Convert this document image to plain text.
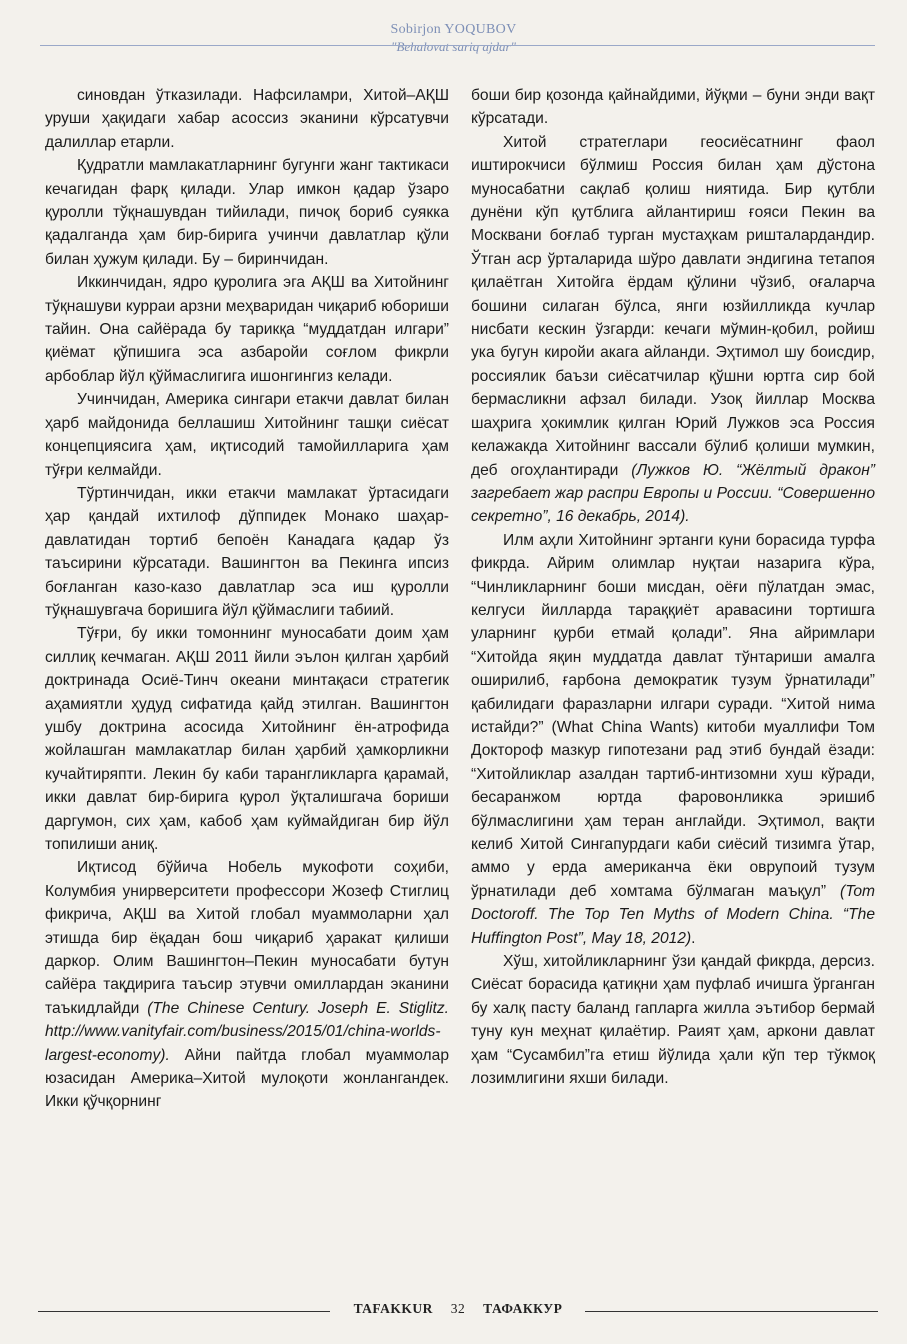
Sobirjon YOQUBOV
"Behalovat sariq ajdar"

синовдан ўтказилади. Нафсиламри, Хитой–АҚШ уруши ҳақидаги хабар асоссиз эканини кўрсатувчи далиллар етарли.

Қудратли мамлакатларнинг бугунги жанг тактикаси кечагидан фарқ қилади. Улар имкон қадар ўзаро қуролли тўқнашувдан тийилади, пичоқ бориб суякка қадалганда ҳам бир-бирига учинчи давлатлар қўли билан ҳужум қилади. Бу – биринчидан.

Иккинчидан, ядро қуролига эга АҚШ ва Хитойнинг тўқнашуви курраи арзни меҳваридан чиқариб юбориши тайин. Она сайёрада бу тарикқа “муддатдан илгари” қиёмат қўпишига эса азбаройи соғлом фикрли арбоблар йўл қўймаслигига ишонгингиз келади.

Учинчидан, Америка сингари етакчи давлат билан ҳарб майдонида беллашиш Хитойнинг ташқи сиёсат концепциясига ҳам, иқтисодий тамойилларига ҳам тўғри келмайди.

Тўртинчидан, икки етакчи мамлакат ўртасидаги ҳар қандай ихтилоф дўппидек Монако шаҳар-давлатидан тортиб бепоён Канадага қадар ўз таъсирини кўрсатади. Вашингтон ва Пекинга ипсиз боғланган казо-казо давлатлар эса иш қуролли тўқнашувгача боришига йўл қўймаслиги табиий.

Тўғри, бу икки томоннинг муносабати доим ҳам силлиқ кечмаган. АҚШ 2011 йили эълон қилган ҳарбий доктринада Осиё-Тинч океани минтақаси стратегик аҳамиятли ҳудуд сифатида қайд этилган. Вашингтон ушбу доктрина асосида Хитойнинг ён-атрофида жойлашган мамлакатлар билан ҳарбий ҳамкорликни кучайтиряпти. Лекин бу каби тарангликларга қарамай, икки давлат бир-бирига қурол ўқталишгача бориши даргумон, сих ҳам, кабоб ҳам куймайдиган бир йўл топилиши аниқ.

Иқтисод бўйича Нобель мукофоти соҳиби, Колумбия унирверситети профессори Жозеф Стиглиц фикрича, АҚШ ва Хитой глобал муаммоларни ҳал этишда бир ёқадан бош чиқариб ҳаракат қилиши даркор. Олим Вашингтон–Пекин муносабати бутун сайёра тақдирига таъсир этувчи омиллардан эканини таъкидлайди (The Chinese Century. Joseph E. Stiglitz. http://www.vanityfair.com/business/2015/01/china-worlds-largest-economy). Айни пайтда глобал муаммолар юзасидан Америка–Хитой мулоқоти жонлангандек. Икки қўчқорнинг

боши бир қозонда қайнайдими, йўқми – буни энди вақт кўрсатади.

Хитой стратеглари геосиёсатнинг фаол иштирокчиси бўлмиш Россия билан ҳам дўстона муносабатни сақлаб қолиш ниятида. Бир қутбли дунёни кўп қутблига айлантириш ғояси Пекин ва Москвани боғлаб турган мустаҳкам ришталардандир. Ўтган аср ўрталарида шўро давлати эндигина тетапоя қилаётган Хитойга ёрдам қўлини чўзиб, оғаларча бошини силаган бўлса, янги юзйилликда кучлар нисбати кескин ўзгарди: кечаги мўмин-қобил, ройиш ука бугун киройи акага айланди. Эҳтимол шу боисдир, россиялик баъзи сиёсатчилар қўшни юртга сир бой бермасликни афзал билади. Узоқ йиллар Москва шаҳрига ҳокимлик қилган Юрий Лужков эса Россия келажакда Хитойнинг вассали бўлиб қолиши мумкин, деб огоҳлантиради (Лужков Ю. “Жёлтый дракон” загребает жар распри Европы и России. “Совершенно секретно”, 16 декабрь, 2014).

Илм аҳли Хитойнинг эртанги куни борасида турфа фикрда. Айрим олимлар нуқтаи назарига кўра, “Чинликларнинг боши мисдан, оёғи пўлатдан эмас, келгуси йилларда тараққиёт аравасини тортишга уларнинг қурби етмай қолади”. Яна айримлари “Хитойда яқин муддатда давлат тўнтариши амалга оширилиб, ғарбона демократик тузум ўрнатилади” қабилидаги фаразларни илгари суради. “Хитой нима истайди?” (What China Wants) китоби муаллифи Том Доктороф мазкур гипотезани рад этиб бундай ёзади: “Хитойликлар азалдан тартиб-интизомни хуш кўради, бесаранжом юртда фаровонликка эришиб бўлмаслигини ҳам теран англайди. Эҳтимол, вақти келиб Хитой Сингапурдаги каби сиёсий тизимга ўтар, аммо у ерда американча ёки оврупоий тузум ўрнатилади деб хомтама бўлмаган маъқул” (Tom Doctoroff. The Top Ten Myths of Modern China. “The Huffington Post”, May 18, 2012).

Хўш, хитойликларнинг ўзи қандай фикрда, дерсиз. Сиёсат борасида қатиқни ҳам пуфлаб ичишга ўрганган бу халқ пасту баланд гапларга жилла эътибор бермай туну кун меҳнат қилаётир. Раият ҳам, аркони давлат ҳам “Сусамбил”га етиш йўлида ҳали кўп тер тўкмоқ лозимлигини яхши билади.

TAFAKKUR 32 ТАФАККУР
